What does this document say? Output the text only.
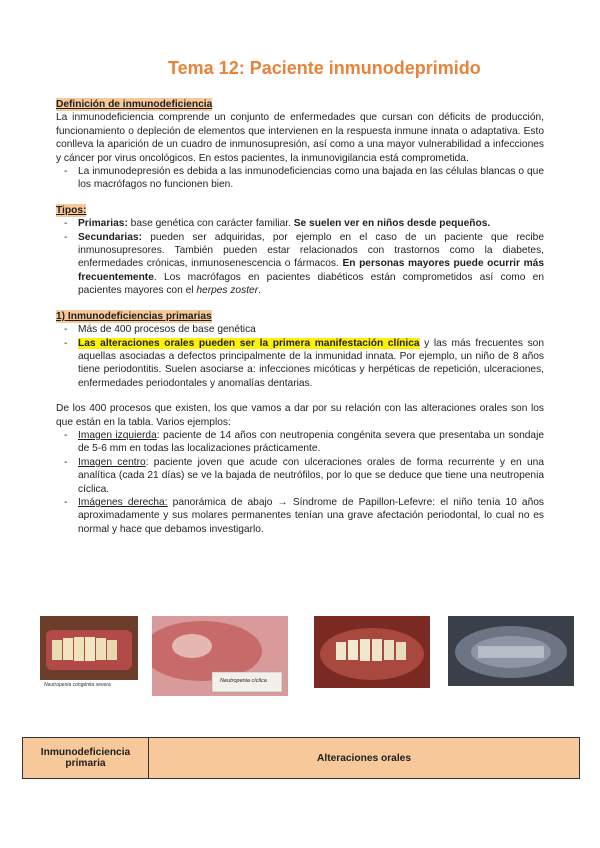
Tema 12: Paciente inmunodeprimido
Definición de inmunodeficiencia

La inmunodeficiencia comprende un conjunto de enfermedades que cursan con déficits de producción, funcionamiento o depleción de elementos que intervienen en la respuesta inmune innata o adaptativa. Esto conlleva la aparición de un cuadro de inmunosupresión, así como a una mayor vulnerabilidad a infecciones y cáncer por virus oncológicos. En estos pacientes, la inmunovigilancia está comprometida.

- La inmunodepresión es debida a las inmunodeficiencias como una bajada en las células blancas o que los macrófagos no funcionen bien.
Tipos:
- Primarias: base genética con carácter familiar. Se suelen ver en niños desde pequeños.
- Secundarias: pueden ser adquiridas, por ejemplo en el caso de un paciente que recibe inmunosupresores. También pueden estar relacionados con trastornos como la diabetes, enfermedades crónicas, inmunosenescencia o fármacos. En personas mayores puede ocurrir más frecuentemente. Los macrófagos en pacientes diabéticos están comprometidos así como en pacientes mayores con el herpes zoster.
1) Inmunodeficiencias primarias
- Más de 400 procesos de base genética
- Las alteraciones orales pueden ser la primera manifestación clínica y las más frecuentes son aquellas asociadas a defectos principalmente de la inmunidad innata. Por ejemplo, un niño de 8 años tiene periodontitis. Suelen asociarse a: infecciones micóticas y herpéticas de repetición, ulceraciones, enfermedades periodontales y anomalías dentarias.

De los 400 procesos que existen, los que vamos a dar por su relación con las alteraciones orales son los que están en la tabla. Varios ejemplos:

- Imagen izquierda: paciente de 14 años con neutropenia congénita severa que presentaba un sondaje de 5-6 mm en todas las localizaciones prácticamente.
- Imagen centro: paciente joven que acude con ulceraciones orales de forma recurrente y en una analítica (cada 21 días) se ve la bajada de neutrófilos, por lo que se deduce que tiene una neutropenia cíclica.
- Imágenes derecha: panorámica de abajo → Síndrome de Papillon-Lefevre: el niño tenía 10 años aproximadamente y sus molares permanentes tenían una grave afectación periodontal, lo cual no es normal y hace que debamos investigarlo.
Neutropenia congénita severa
Neutropenia cíclica
Inmunodeficiencia primaria	Alteraciones orales
